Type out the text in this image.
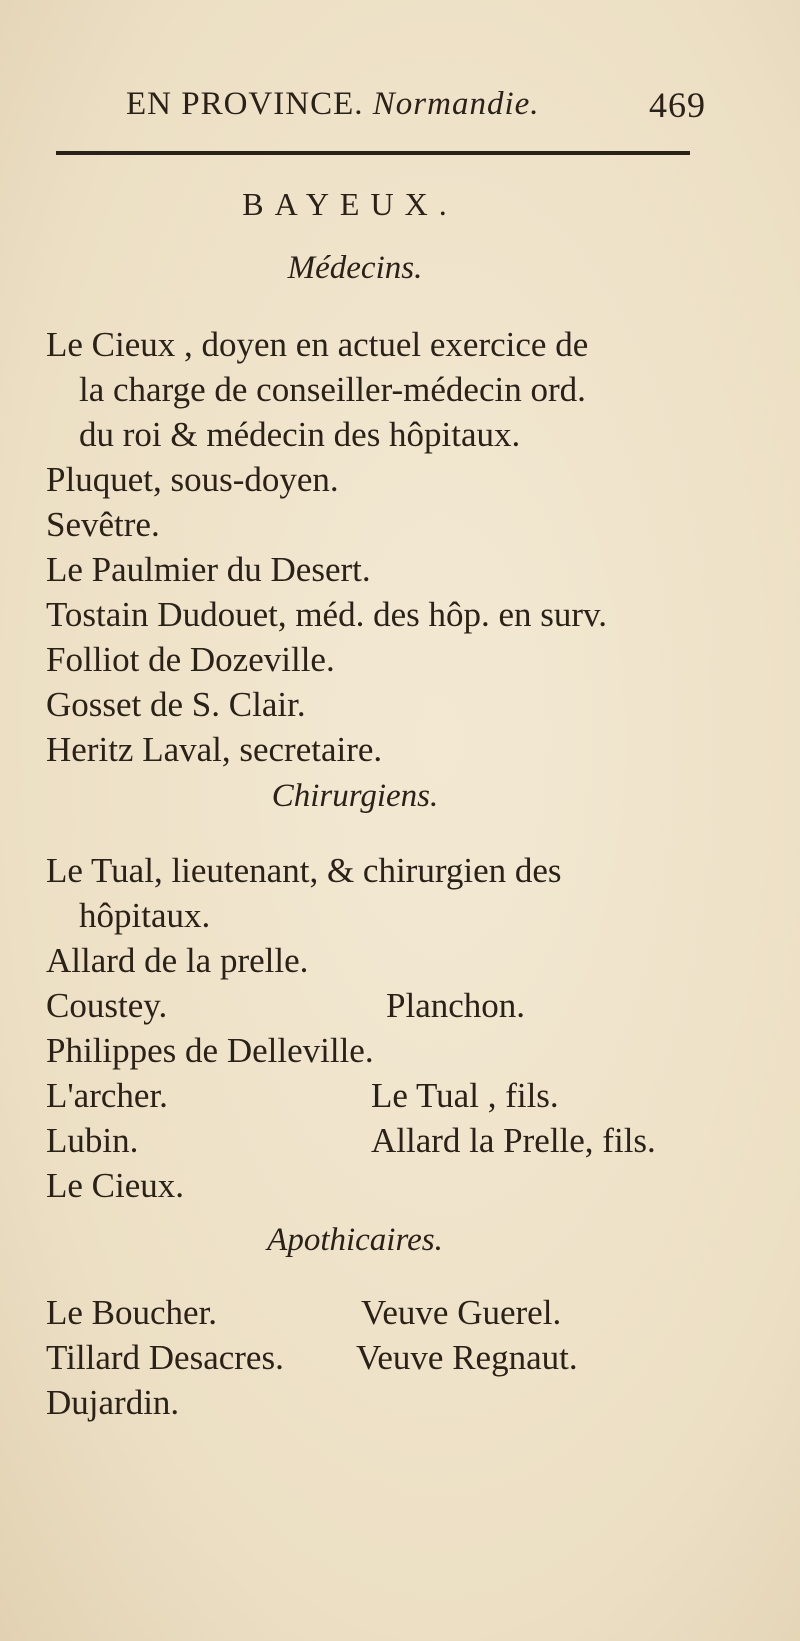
EN PROVINCE. Normandie.	469
BAYEUX.
Médecins.
Le Cieux , doyen en actuel exercice de
la charge de conseiller-médecin ord.
du roi & médecin des hôpitaux.
Pluquet, sous-doyen.
Sevêtre.
Le Paulmier du Desert.
Tostain Dudouet, méd. des hôp. en surv.
Folliot de Dozeville.
Gosset de S. Clair.
Heritz Laval, secretaire.
Chirurgiens.
Le Tual, lieutenant, & chirurgien des
hôpitaux.
Allard de la prelle.
Coustey.	Planchon.
Philippes de Delleville.
L'archer.	Le Tual , fils.
Lubin.	Allard la Prelle, fils.
Le Cieux.
Apothicaires.
Le Boucher.	Veuve Guerel.
Tillard Desacres. Veuve Regnaut.
Dujardin.
